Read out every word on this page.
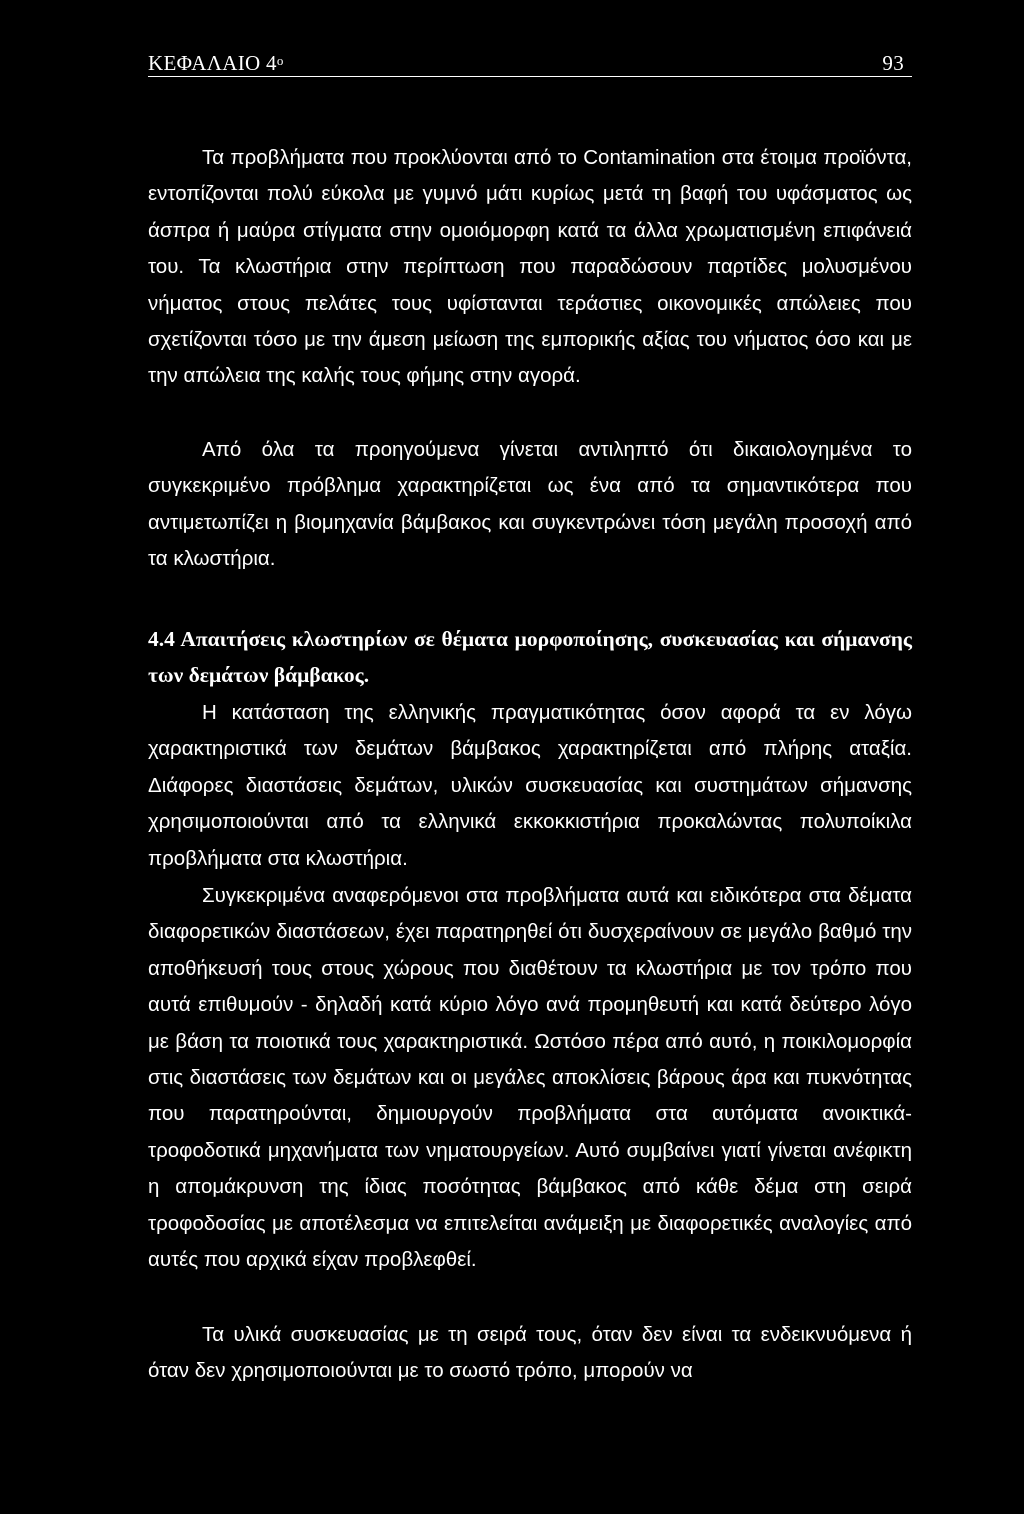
ΚΕΦΑΛΑΙΟ $4^o$	93

Τα προβλήματα που προκλύονται από το Contamination στα έτοιμα προϊόντα, εντοπίζονται πολύ εύκολα με γυμνό μάτι κυρίως μετά τη βαφή του υφάσματος ως άσπρα ή μαύρα στίγματα στην ομοιόμορφη κατά τα άλλα χρωματισμένη επιφάνειά του. Τα κλωστήρια στην περίπτωση που παραδώσουν παρτίδες μολυσμένου νήματος στους πελάτες τους υφίστανται τεράστιες οικονομικές απώλειες που σχετίζονται τόσο με την άμεση μείωση της εμπορικής αξίας του νήματος όσο και με την απώλεια της καλής τους φήμης στην αγορά.

Από όλα τα προηγούμενα γίνεται αντιληπτό ότι δικαιολογημένα το συγκεκριμένο πρόβλημα χαρακτηρίζεται ως ένα από τα σημαντικότερα που αντιμετωπίζει η βιομηχανία βάμβακος και συγκεντρώνει τόση μεγάλη προσοχή από τα κλωστήρια.

4.4 Απαιτήσεις κλωστηρίων σε θέματα μορφοποίησης, συσκευασίας και σήμανσης των δεμάτων βάμβακος.

Η κατάσταση της ελληνικής πραγματικότητας όσον αφορά τα εν λόγω χαρακτηριστικά των δεμάτων βάμβακος χαρακτηρίζεται από πλήρης αταξία. Διάφορες διαστάσεις δεμάτων, υλικών συσκευασίας και συστημάτων σήμανσης χρησιμοποιούνται από τα ελληνικά εκκοκκιστήρια προκαλώντας πολυποίκιλα προβλήματα στα κλωστήρια.

Συγκεκριμένα αναφερόμενοι στα προβλήματα αυτά και ειδικότερα στα δέματα διαφορετικών διαστάσεων, έχει παρατηρηθεί ότι δυσχεραίνουν σε μεγάλο βαθμό την αποθήκευσή τους στους χώρους που διαθέτουν τα κλωστήρια με τον τρόπο που αυτά επιθυμούν - δηλαδή κατά κύριο λόγο ανά προμηθευτή και κατά δεύτερο λόγο με βάση τα ποιοτικά τους χαρακτηριστικά. Ωστόσο πέρα από αυτό, η ποικιλομορφία στις διαστάσεις των δεμάτων και οι μεγάλες αποκλίσεις βάρους άρα και πυκνότητας που παρατηρούνται, δημιουργούν προβλήματα στα αυτόματα ανοικτικά-τροφοδοτικά μηχανήματα των νηματουργείων. Αυτό συμβαίνει γιατί γίνεται ανέφικτη η απομάκρυνση της ίδιας ποσότητας βάμβακος από κάθε δέμα στη σειρά τροφοδοσίας με αποτέλεσμα να επιτελείται ανάμειξη με διαφορετικές αναλογίες από αυτές που αρχικά είχαν προβλεφθεί.

Τα υλικά συσκευασίας με τη σειρά τους, όταν δεν είναι τα ενδεικνυόμενα ή όταν δεν χρησιμοποιούνται με το σωστό τρόπο, μπορούν να
